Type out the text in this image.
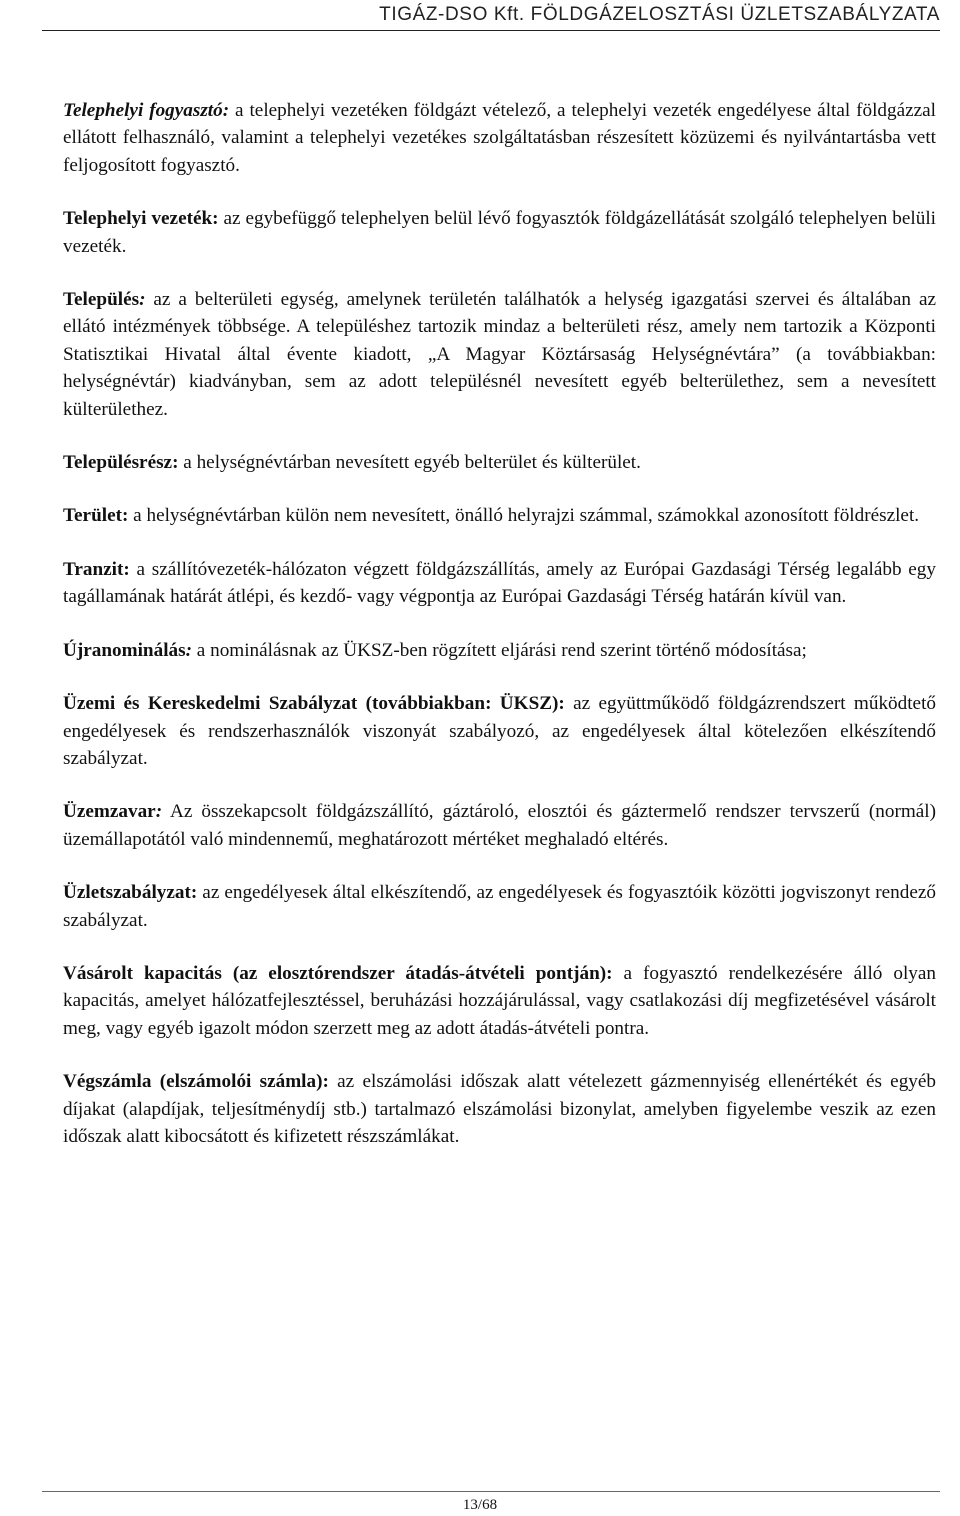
TIGÁZ-DSO Kft. FÖLDGÁZELOSZTÁSI ÜZLETSZABÁLYZATA

Telephelyi fogyasztó: a telephelyi vezetéken földgázt vételező, a telephelyi vezeték engedélyese által földgázzal ellátott felhasználó, valamint a telephelyi vezetékes szolgáltatásban részesített közüzemi és nyilvántartásba vett feljogosított fogyasztó.

Telephelyi vezeték: az egybefüggő telephelyen belül lévő fogyasztók földgázellátását szolgáló telephelyen belüli vezeték.

Település: az a belterületi egység, amelynek területén találhatók a helység igazgatási szervei és általában az ellátó intézmények többsége. A településhez tartozik mindaz a belterületi rész, amely nem tartozik a Központi Statisztikai Hivatal által évente kiadott, „A Magyar Köztársaság Helységnévtára” (a továbbiakban: helységnévtár) kiadványban, sem az adott településnél nevesített egyéb belterülethez, sem a nevesített külterülethez.

Településrész: a helységnévtárban nevesített egyéb belterület és külterület.

Terület: a helységnévtárban külön nem nevesített, önálló helyrajzi számmal, számokkal azonosított földrészlet.

Tranzit: a szállítóvezeték-hálózaton végzett földgázszállítás, amely az Európai Gazdasági Térség legalább egy tagállamának határát átlépi, és kezdő- vagy végpontja az Európai Gazdasági Térség határán kívül van.

Újranominálás: a nominálásnak az ÜKSZ-ben rögzített eljárási rend szerint történő módosítása;

Üzemi és Kereskedelmi Szabályzat (továbbiakban: ÜKSZ): az együttműködő földgázrendszert működtető engedélyesek és rendszerhasználók viszonyát szabályozó, az engedélyesek által kötelezően elkészítendő szabályzat.

Üzemzavar: Az összekapcsolt földgázszállító, gáztároló, elosztói és gáztermelő rendszer tervszerű (normál) üzemállapotától való mindennemű, meghatározott mértéket meghaladó eltérés.

Üzletszabályzat: az engedélyesek által elkészítendő, az engedélyesek és fogyasztóik közötti jogviszonyt rendező szabályzat.

Vásárolt kapacitás (az elosztórendszer átadás-átvételi pontján): a fogyasztó rendelkezésére álló olyan kapacitás, amelyet hálózatfejlesztéssel, beruházási hozzájárulással, vagy csatlakozási díj megfizetésével vásárolt meg, vagy egyéb igazolt módon szerzett meg az adott átadás-átvételi pontra.

Végszámla (elszámolói számla): az elszámolási időszak alatt vételezett gázmennyiség ellenértékét és egyéb díjakat (alapdíjak, teljesítménydíj stb.) tartalmazó elszámolási bizonylat, amelyben figyelembe veszik az ezen időszak alatt kibocsátott és kifizetett részszámlákat.

13/68
